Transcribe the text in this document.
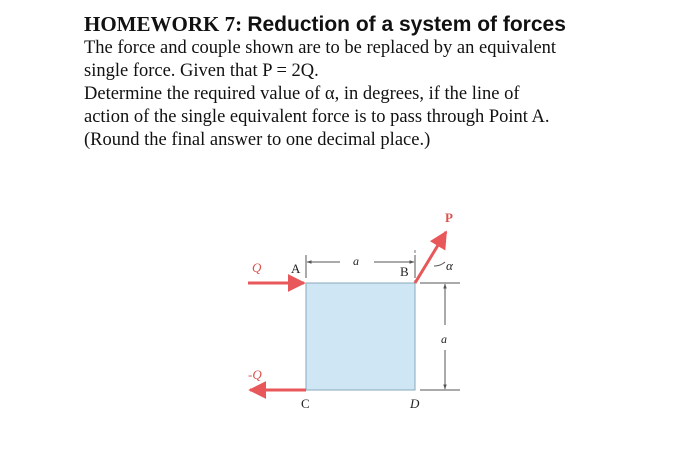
HOMEWORK 7: Reduction of a system of forces

The force and couple shown are to be replaced by an equivalent
single force. Given that P = 2Q.
Determine the required value of α, in degrees, if the line of
action of the single equivalent force is to pass through Point A.
(Round the final answer to one decimal place.)

Q
-Q
P
α
a
a
A	B
C	D
